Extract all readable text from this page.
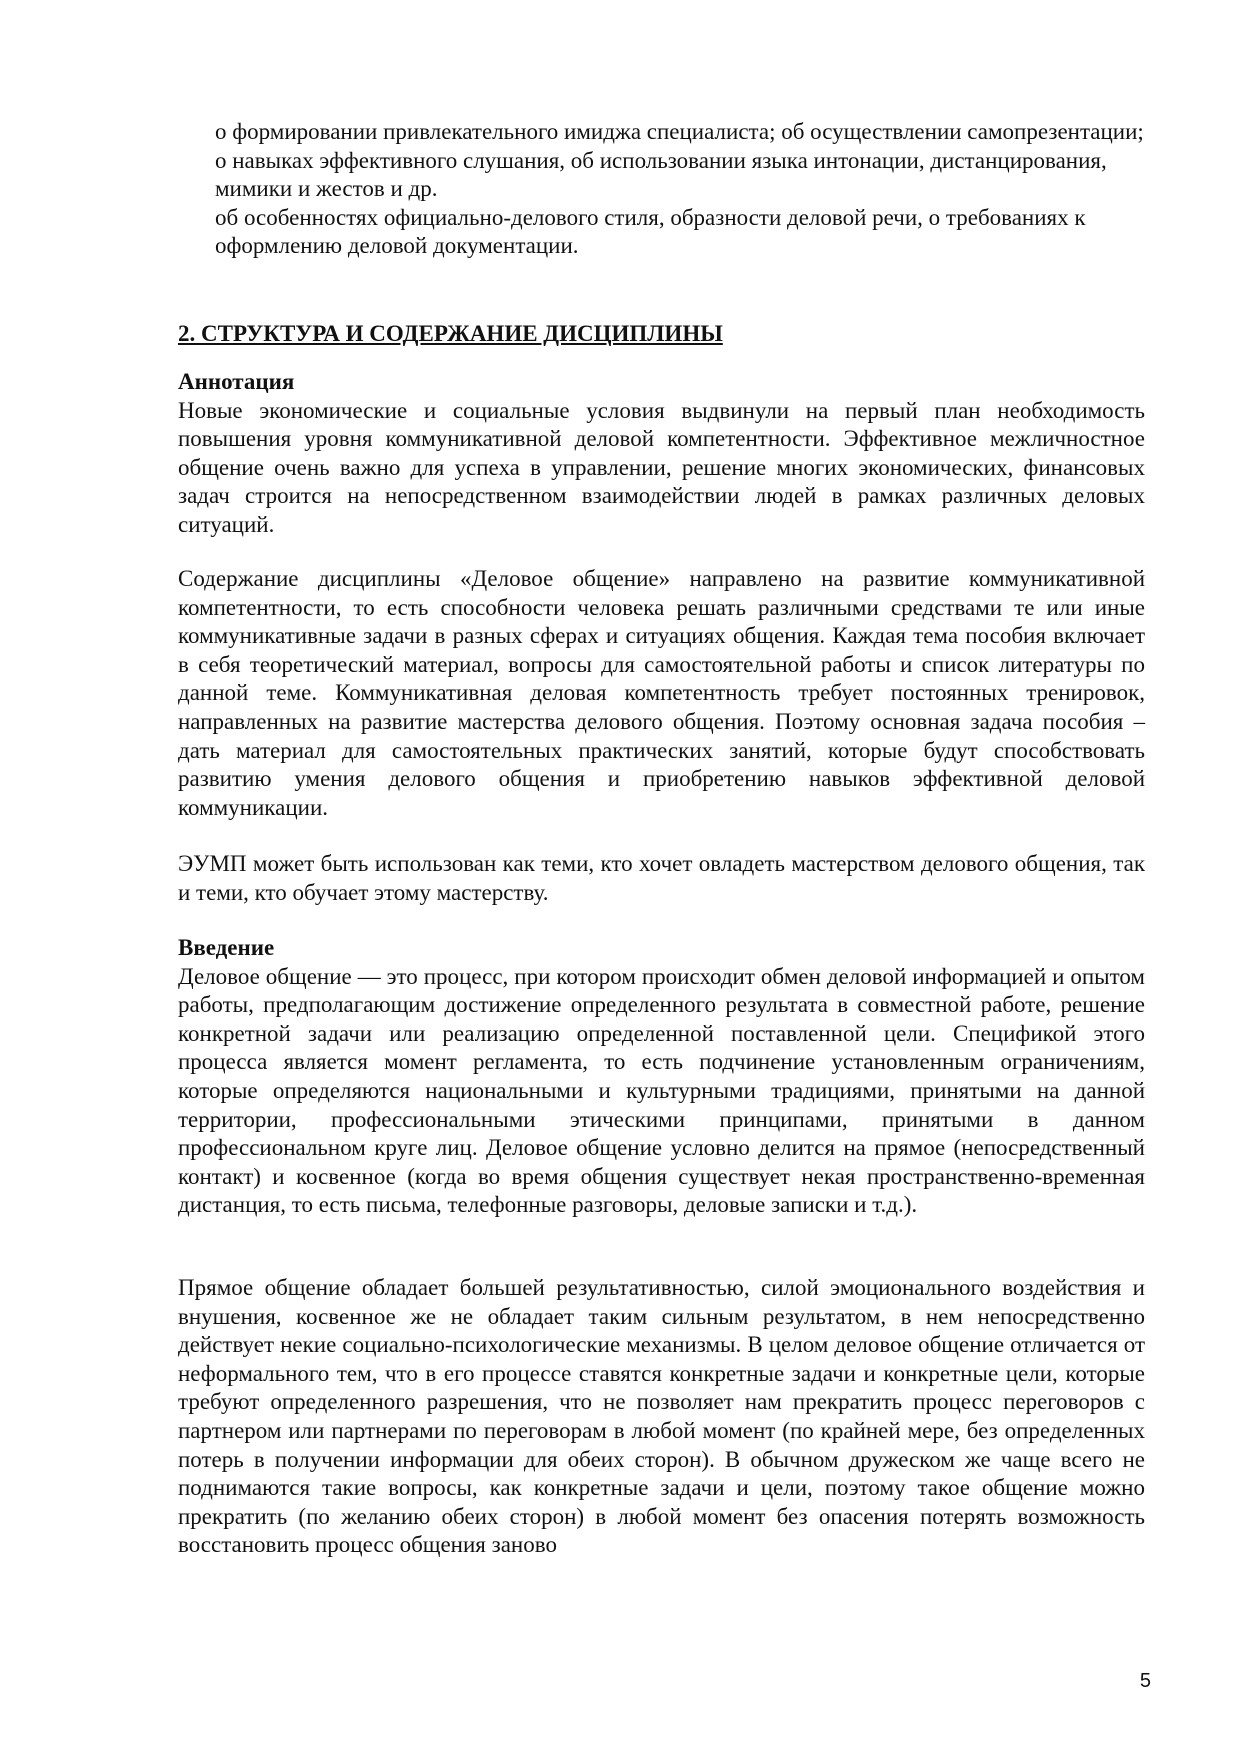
о формировании привлекательного имиджа специалиста; об осуществлении самопрезентации;

о навыках эффективного слушания, об использовании языка интонации, дистанцирования, мимики и жестов и др.

об особенностях официально-делового стиля, образности деловой речи, о требованиях к оформлению деловой документации.

2. СТРУКТУРА И СОДЕРЖАНИЕ ДИСЦИПЛИНЫ
Аннотация

Новые экономические и социальные условия выдвинули на первый план необходимость повышения уровня коммуникативной деловой компетентности. Эффективное межличностное общение очень важно для успеха в управлении, решение многих экономических, финансовых задач строится на непосредственном взаимодействии людей в рамках различных деловых ситуаций.

Содержание дисциплины «Деловое общение» направлено на развитие коммуникативной компетентности, то есть способности человека решать различными средствами те или иные коммуникативные задачи в разных сферах и ситуациях общения. Каждая тема пособия включает в себя теоретический материал, вопросы для самостоятельной работы и список литературы по данной теме. Коммуникативная деловая компетентность требует постоянных тренировок, направленных на развитие мастерства делового общения. Поэтому основная задача пособия – дать материал для самостоятельных практических занятий, которые будут способствовать развитию умения делового общения и приобретению навыков эффективной деловой коммуникации.

ЭУМП может быть использован как теми, кто хочет овладеть мастерством делового общения, так и теми, кто обучает этому мастерству.

Введение

Деловое общение — это процесс, при котором происходит обмен деловой информацией и опытом работы, предполагающим достижение определенного результата в совместной работе, решение конкретной задачи или реализацию определенной поставленной цели. Спецификой этого процесса является момент регламента, то есть подчинение установленным ограничениям, которые определяются национальными и культурными традициями, принятыми на данной территории, профессиональными этическими принципами, принятыми в данном профессиональном круге лиц. Деловое общение условно делится на прямое (непосредственный контакт) и косвенное (когда во время общения существует некая пространственно-временная дистанция, то есть письма, телефонные разговоры, деловые записки и т.д.).

Прямое общение обладает большей результативностью, силой эмоционального воздействия и внушения, косвенное же не обладает таким сильным результатом, в нем непосредственно действует некие социально-психологические механизмы. В целом деловое общение отличается от неформального тем, что в его процессе ставятся конкретные задачи и конкретные цели, которые требуют определенного разрешения, что не позволяет нам прекратить процесс переговоров с партнером или партнерами по переговорам в любой момент (по крайней мере, без определенных потерь в получении информации для обеих сторон). В обычном дружеском же чаще всего не поднимаются такие вопросы, как конкретные задачи и цели, поэтому такое общение можно прекратить (по желанию обеих сторон) в любой момент без опасения потерять возможность восстановить процесс общения заново

5
